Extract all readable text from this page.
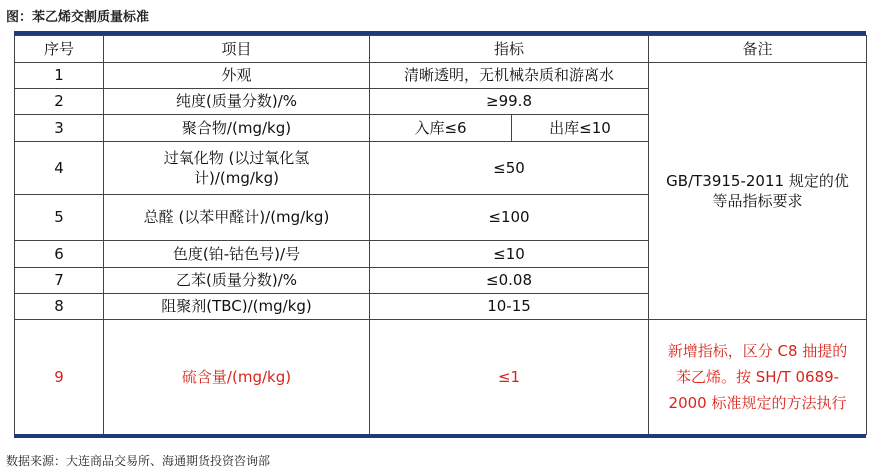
图：苯乙烯交割质量标准
序号	项目	指标		备注
1	外观	清晰透明，无机械杂质和游离水		GB/T3915-2011 规定的优等品指标要求
2	纯度(质量分数)/%	≥99.8		
3	聚合物/(mg/kg)	入库≤6	出库≤10	
4	过氧化物 (以过氧化氢计)/(mg/kg)	≤50		
5	总醛 (以苯甲醛计)/(mg/kg)	≤100		
6	色度(铂-钴色号)/号	≤10		
7	乙苯(质量分数)/%	≤0.08		
8	阻聚剂(TBC)/(mg/kg)	10-15		
9	硫含量/(mg/kg)	≤1		新增指标，区分 C8 抽提的苯乙烯。按 SH/T 0689-2000 标准规定的方法执行
数据来源：大连商品交易所、海通期货投资咨询部
